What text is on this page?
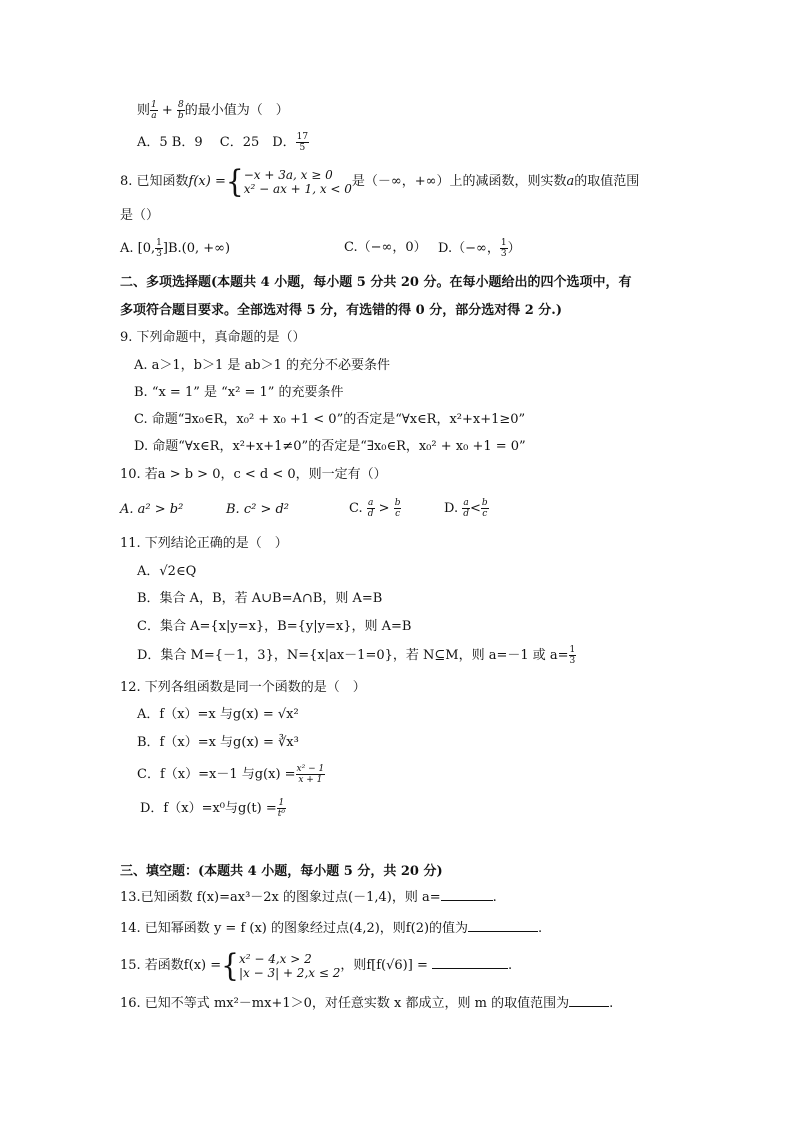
则 $\frac{1}{a} + \frac{8}{b}$ 的最小值为（　）
A．5 B．9　 C．25　D． $\frac{17}{5}$
8. 已知函数f(x) ={ −x + 3a, x ≥ 0
x² − ax + 1, x < 0 是（－∞，+∞）上的减函数，则实数a的取值范围
是（）
A. [0, $\frac{1}{3} ]B.(0$, +∞)	C.（−∞，0） D.（−∞， $\frac{1}{3}$ ）
二、多项选择题(本题共 4 小题，每小题 5 分共 20 分。在每小题给出的四个选项中，有
多项符合题目要求。全部选对得 5 分，有选错的得 0 分，部分选对得 2 分.)
9. 下列命题中，真命题的是（）
A. a＞1，b＞1 是 ab＞1 的充分不必要条件
B. “x = 1” 是 “x² = 1” 的充要条件
C. 命题“∃x₀∈R，x₀² + x₀ +1 < 0”的否定是“∀x∈R，x²+x+1≥0”
D. 命题“∀x∈R，x²+x+1≠0”的否定是“∃x₀∈R，x₀² + x₀ +1 = 0”
10. 若a > b > 0，c < d < 0，则一定有（）
A. a² > b²	B. c² > d²	C. $\frac{a}{d} > \frac{b}{c}$	D. $\frac{a}{d} < \frac{b}{c}$
11. 下列结论正确的是（　）
A．√2∈Q
B．集合 A，B，若 A∪B=A∩B，则 A=B
C．集合 A={x|y=x}，B={y|y=x}，则 A=B
D．集合 M={－1，3}，N={x|ax－1=0}，若 N⊆M，则 a=－1 或 $a= \frac{1}{3}$
12. 下列各组函数是同一个函数的是（　）
A．f（x）=x 与g(x) = √x²
B．f（x）=x 与g(x) = ∛x³
C．f（x）=x－1 与$g(x) = \frac{\text{x² − 1}}{x + 1}$
D．f（x）=x⁰与$g(t) = \frac{1}{\text{t⁰}}$
三、填空题：(本题共 4 小题，每小题 5 分，共 20 分)
13.已知函数 f(x)=ax³－2x 的图象过点(－1,4)，则 a=	.
14. 已知幂函数 y = f (x) 的图象经过点(4,2)，则f(2)的值为	.
15. 若函数f(x) ={ x² − 4,x > 2
|x − 3| + 2,x ≤ 2 ，则f[f(√6)] =	.
16. 已知不等式 mx²－mx+1＞0，对任意实数 x 都成立，则 m 的取值范围为	.
